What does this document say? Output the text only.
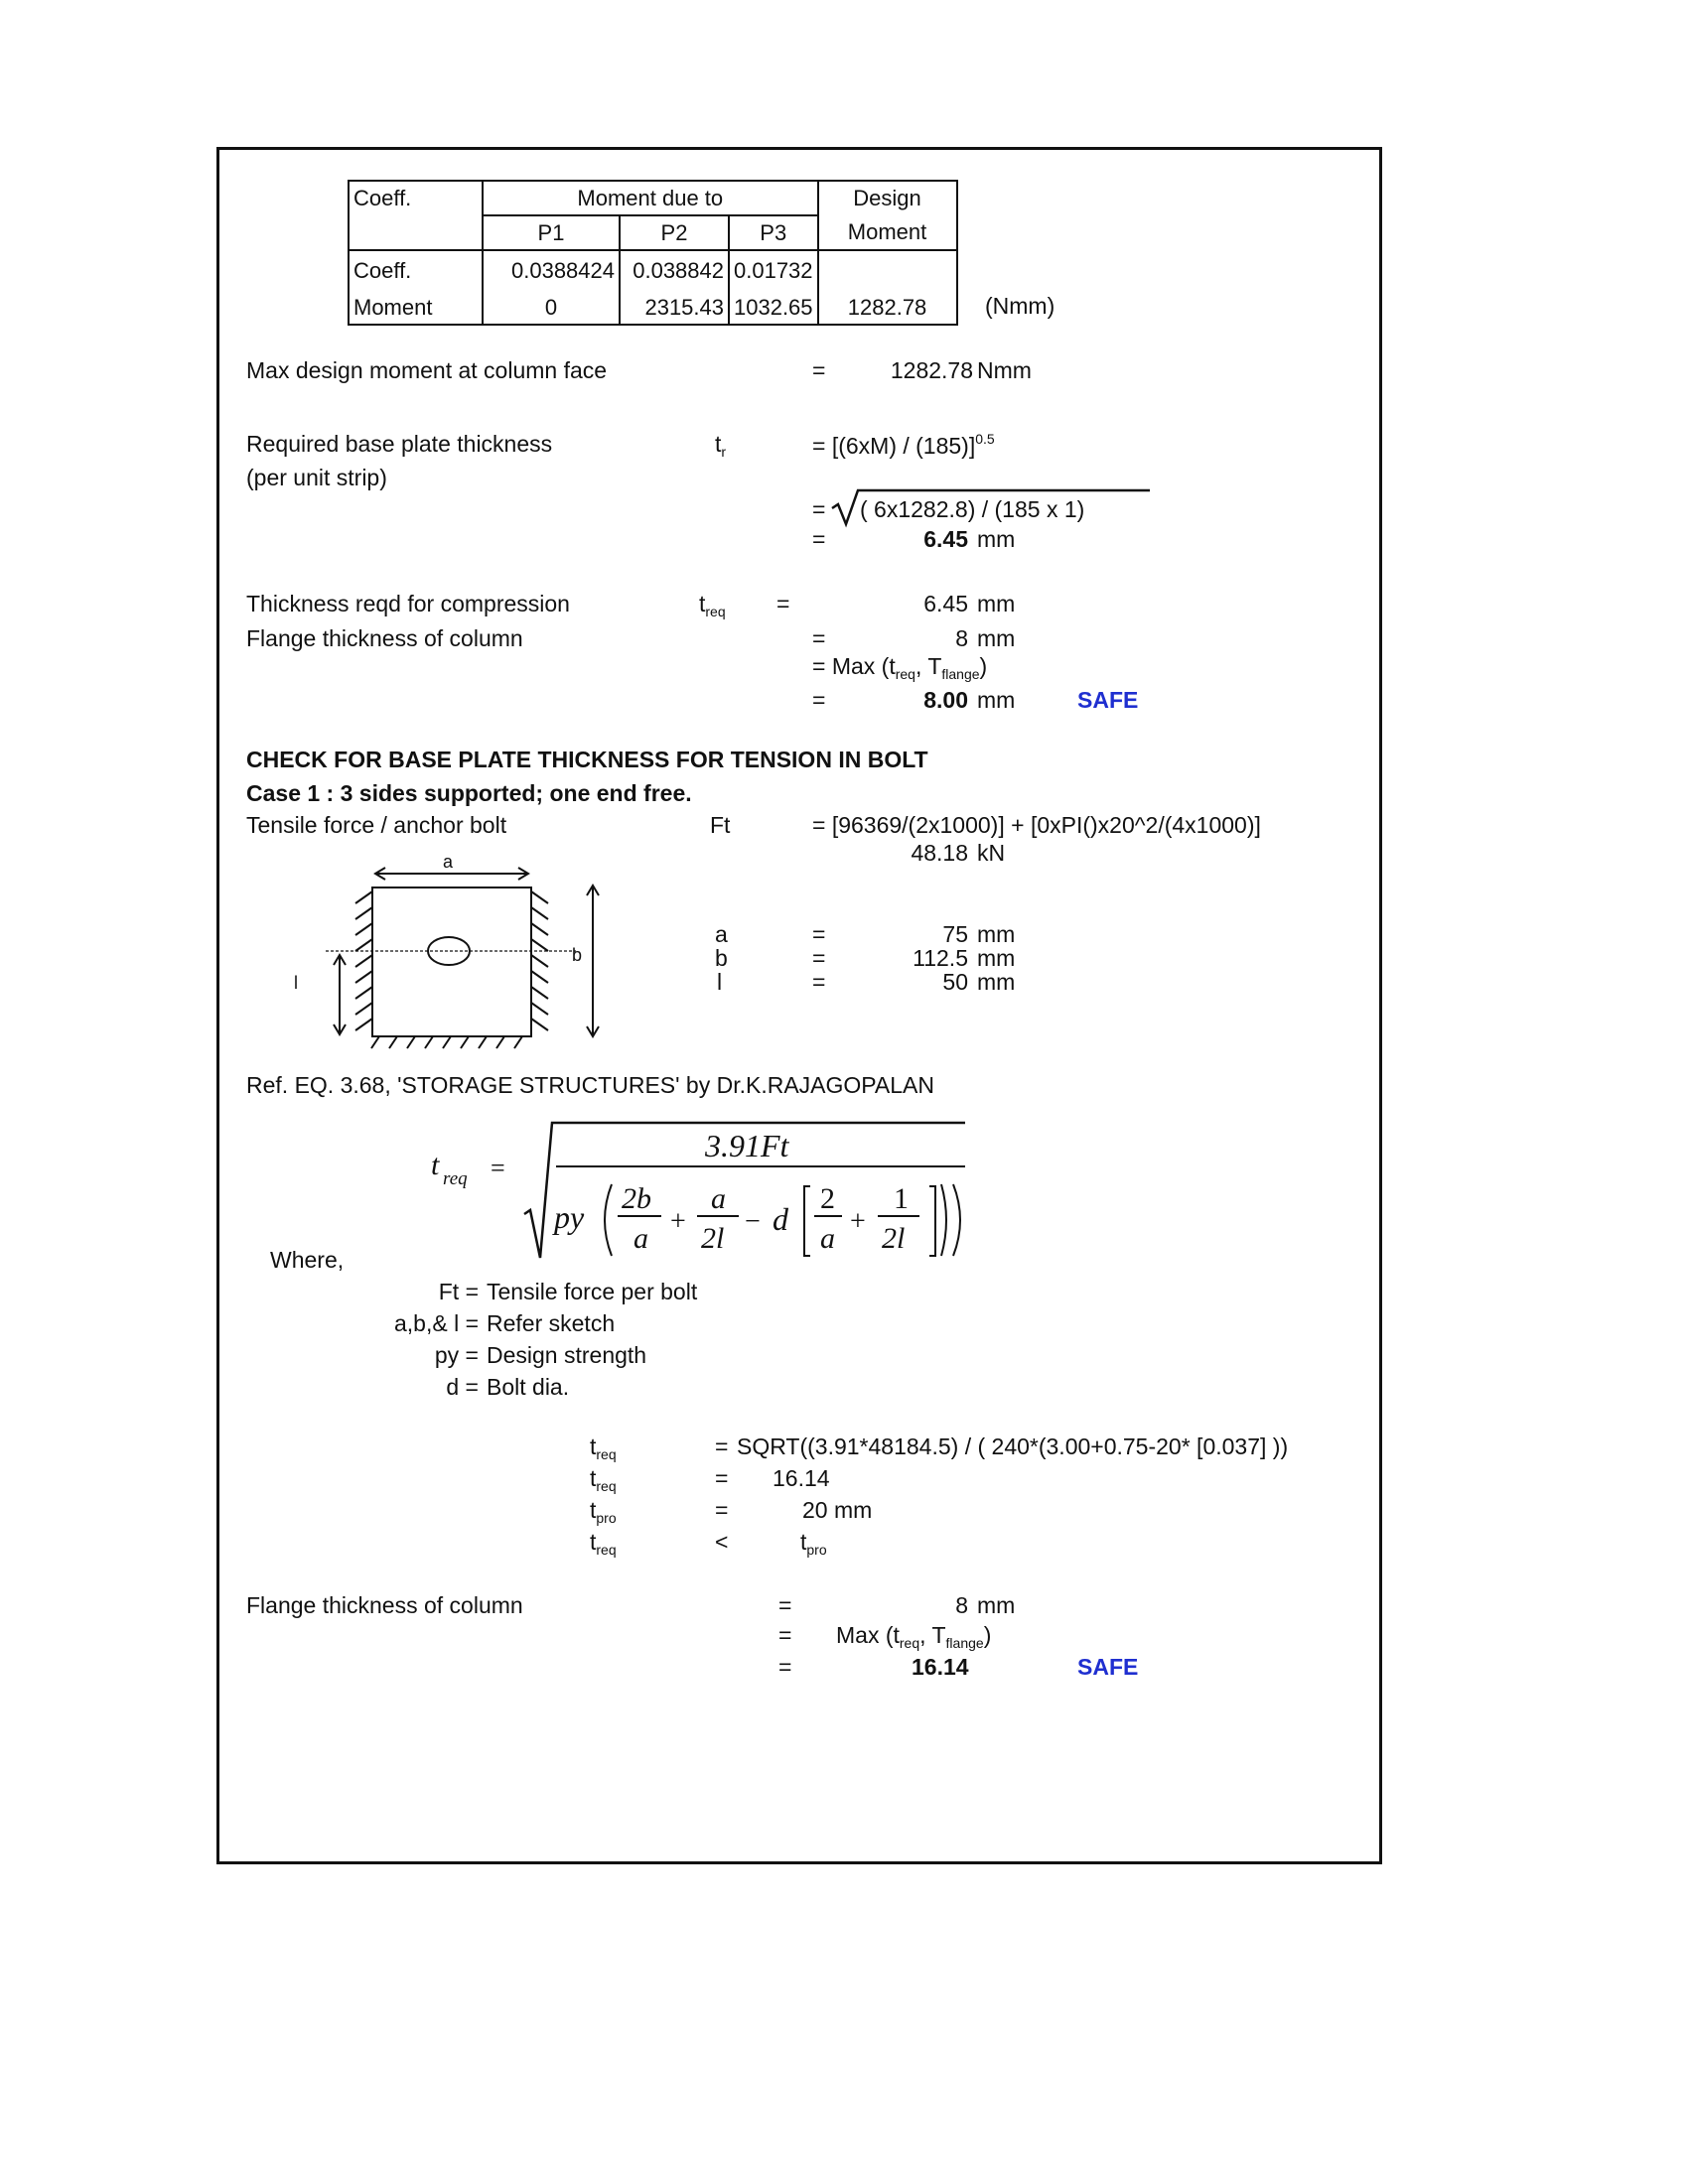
Coeff.	Moment due to			Design
	P1	P2	P3	Moment
Coeff.	0.0388424	0.038842	0.01732	
Moment	0	2315.43	1032.65	1282.78	(Nmm)
Max design moment at column face	=	1282.78 Nmm
Required base plate thickness
(per unit strip)
$t_r$	= [(6xM) / (185)]$^{0.5}$
= ( 6x1282.8) / (185 x 1)
=	6.45 mm
Thickness reqd for compression	$t_{req}$ =	6.45 mm
Flange thickness of column	=	8 mm
= Max ($t_{req}$, $T_{flange}$)
=	8.00 mm	SAFE
CHECK FOR BASE PLATE THICKNESS FOR TENSION IN BOLT
Case 1 : 3 sides supported; one end free.
Tensile force / anchor bolt	Ft	= [96369/(2x1000)] + [0xPI()x20^2/(4x1000)]
48.18 kN
a
b
l
a	=	75 mm
b	=	112.5 mm
l	=	50 mm
Ref. EQ. 3.68, 'STORAGE STRUCTURES' by Dr.K.RAJAGOPALAN
t req =
3.91Ft
py
2b
a
+
a
2l
− d
2
a
+
1
2l
Where,
Ft = Tensile force per bolt
a,b,& l = Refer sketch
py = Design strength
d = Bolt dia.
$t_{req}$	= SQRT((3.91*48184.5) / ( 240*(3.00+0.75-20* [0.037] ))
$t_{req}$	= 16.14
$t_{pro}$	=	20 mm
$t_{req}$	<	$t_{pro}$
Flange thickness of column	=	8 mm
= Max ($t_{req}$, $T_{flange}$)
=	16.14	SAFE
